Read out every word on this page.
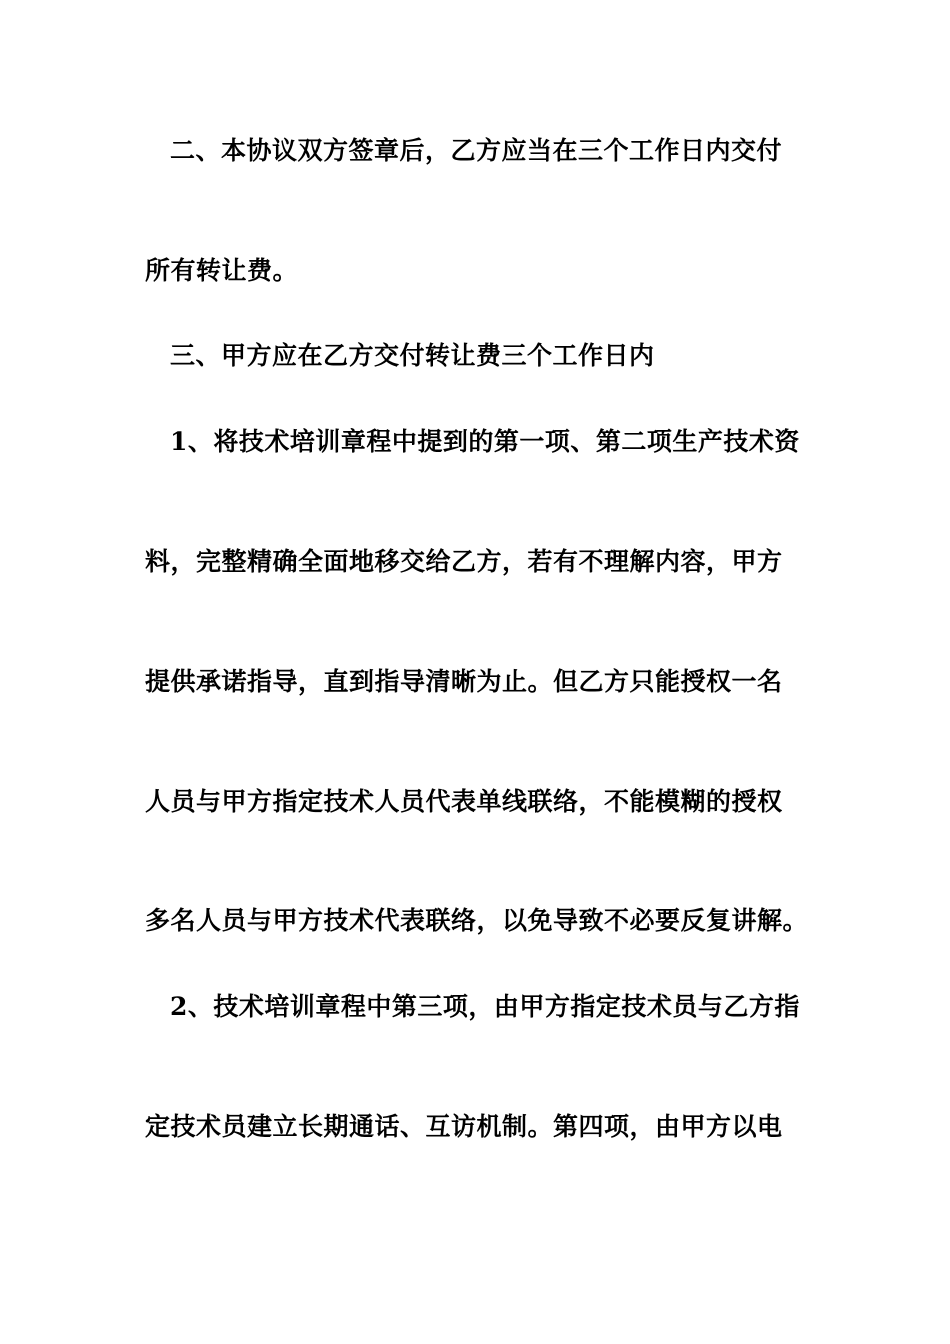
二、本协议双方签章后，乙方应当在三个工作日内交付
所有转让费。
三、甲方应在乙方交付转让费三个工作日内
1、将技术培训章程中提到的第一项、第二项生产技术资
料，完整精确全面地移交给乙方，若有不理解内容，甲方
提供承诺指导，直到指导清晰为止。但乙方只能授权一名
人员与甲方指定技术人员代表单线联络，不能模糊的授权
多名人员与甲方技术代表联络，以免导致不必要反复讲解。
2、技术培训章程中第三项，由甲方指定技术员与乙方指
定技术员建立长期通话、互访机制。第四项，由甲方以电
